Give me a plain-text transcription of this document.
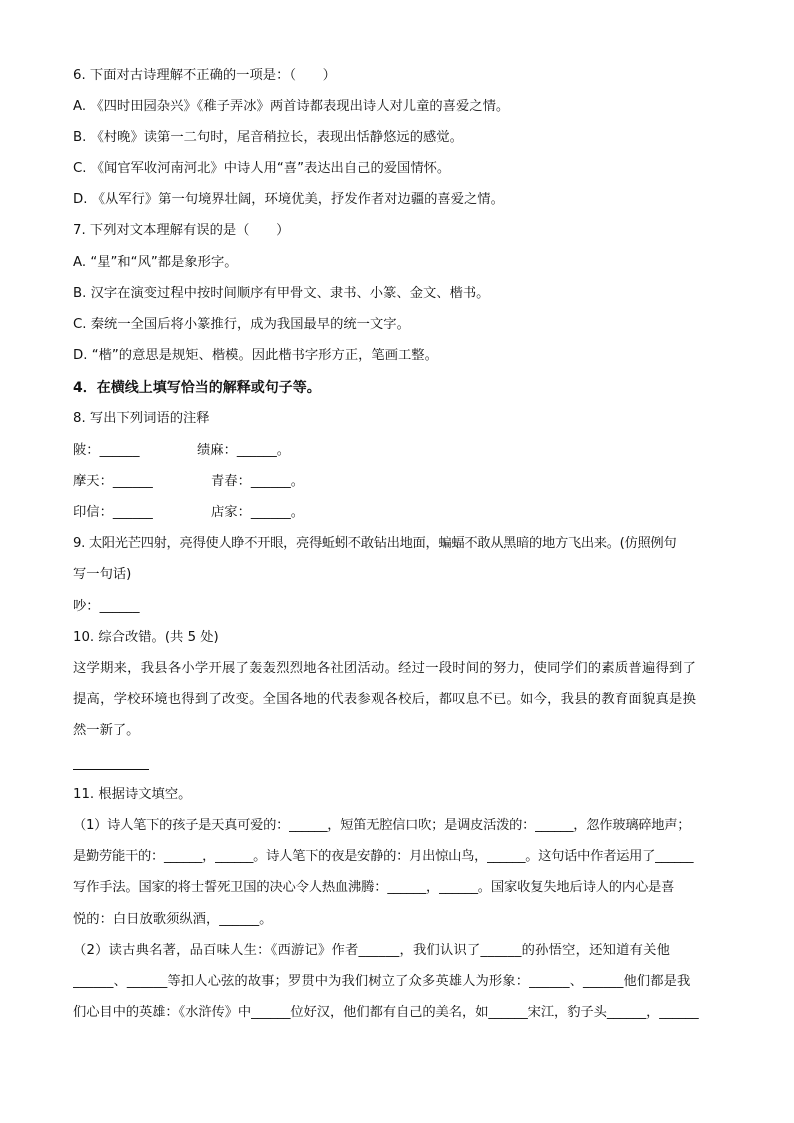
6. 下面对古诗理解不正确的一项是：（　　）
A. 《四时田园杂兴》《稚子弄冰》两首诗都表现出诗人对儿童的喜爱之情。
B. 《村晚》读第一二句时，尾音稍拉长，表现出恬静悠远的感觉。
C. 《闻官军收河南河北》中诗人用“喜”表达出自己的爱国情怀。
D. 《从军行》第一句境界壮阔，环境优美，抒发作者对边疆的喜爱之情。
7. 下列对文本理解有误的是（　　）
A. “星”和“风”都是象形字。
B. 汉字在演变过程中按时间顺序有甲骨文、隶书、小篆、金文、楷书。
C. 秦统一全国后将小篆推行，成为我国最早的统一文字。
D. “楷”的意思是规矩、楷模。因此楷书字形方正，笔画工整。
4．在横线上填写恰当的解释或句子等。
8. 写出下列词语的注释
陂：______	绩麻：______。
摩天：______	青春：______。
印信：______	店家：______。
9. 太阳光芒四射，亮得使人睁不开眼，亮得蚯蚓不敢钻出地面，蝙蝠不敢从黑暗的地方飞出来。(仿照例句
写一句话)
吵：______
10. 综合改错。(共 5 处)
这学期来，我县各小学开展了轰轰烈烈地各社团活动。经过一段时间的努力，使同学们的素质普遍得到了
提高，学校环境也得到了改变。全国各地的代表参观各校后，都叹息不已。如今，我县的教育面貌真是换
然一新了。
11. 根据诗文填空。
（1）诗人笔下的孩子是天真可爱的：______，短笛无腔信口吹；是调皮活泼的：______，忽作玻璃碎地声；
是勤劳能干的：______，______。诗人笔下的夜是安静的：月出惊山鸟，______。这句话中作者运用了______
写作手法。国家的将士誓死卫国的决心令人热血沸腾：______，______。国家收复失地后诗人的内心是喜
悦的：白日放歌须纵酒，______。
（2）读古典名著，品百味人生：《西游记》作者______，我们认识了______的孙悟空，还知道有关他
______、______等扣人心弦的故事；罗贯中为我们树立了众多英雄人为形象：______、______他们都是我
们心目中的英雄：《水浒传》中______位好汉，他们都有自己的美名，如______宋江，豹子头______，______
